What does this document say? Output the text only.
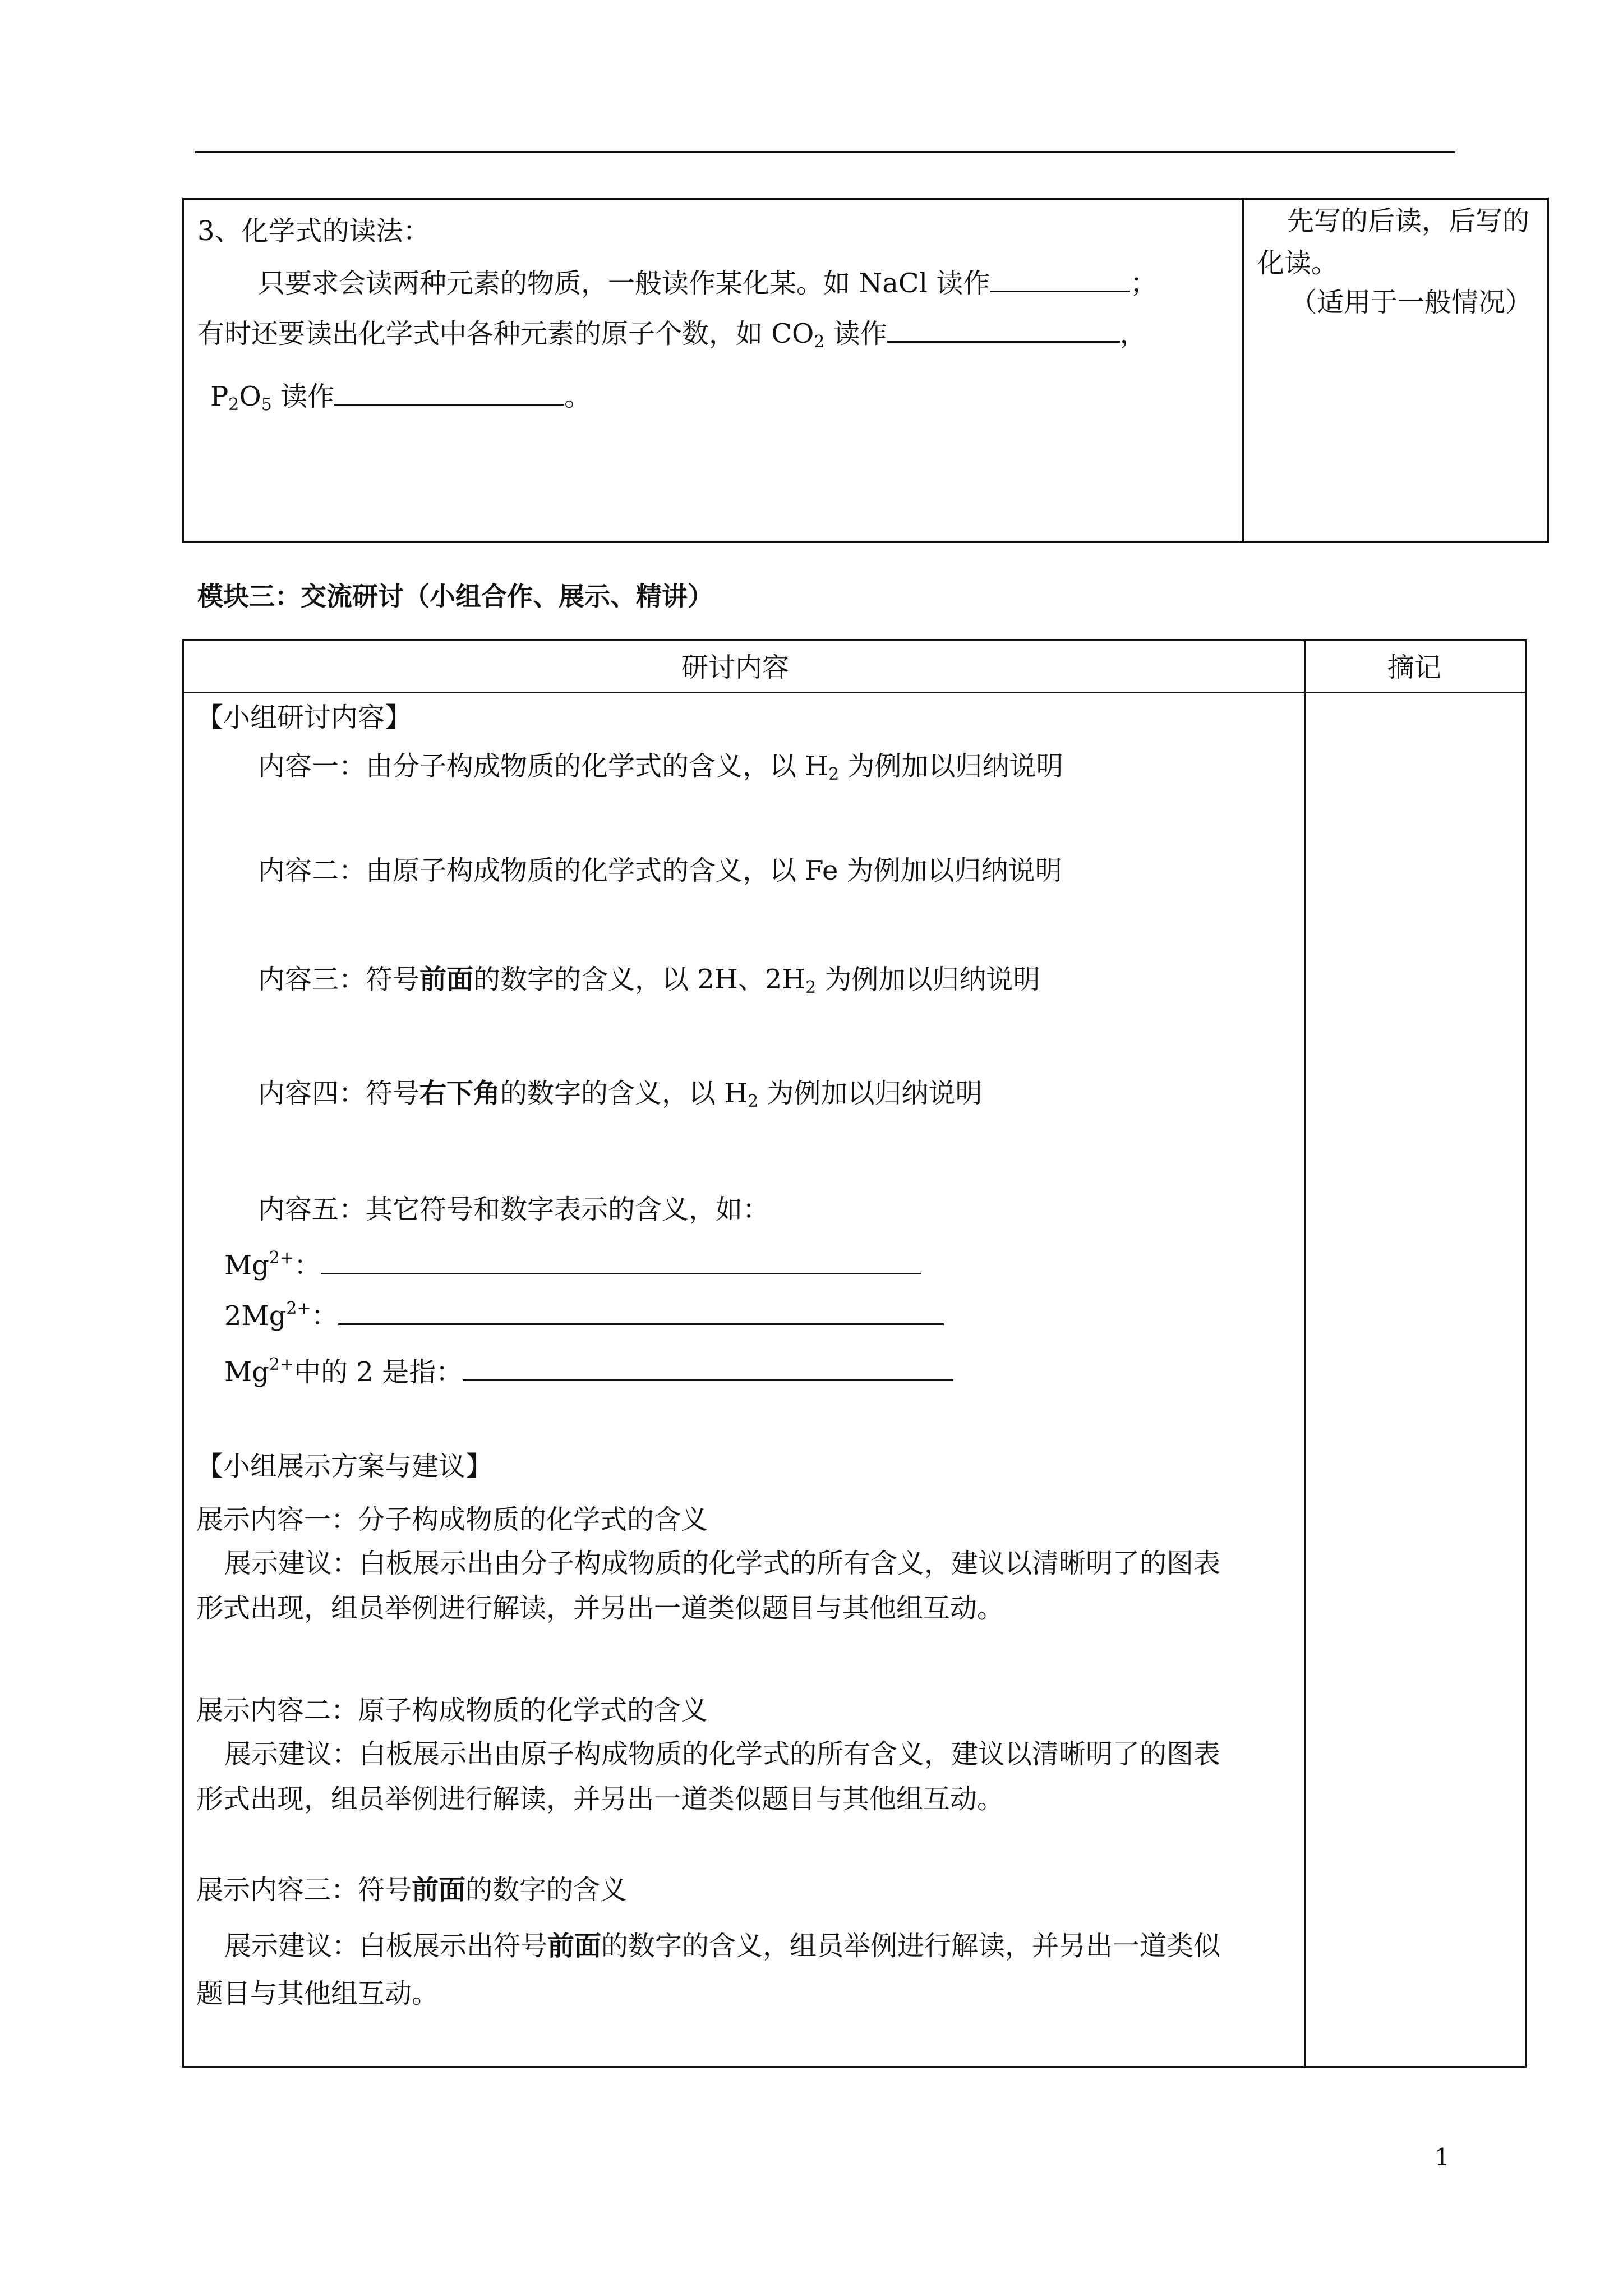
3、化学式的读法：
只要求会读两种元素的物质，一般读作某化某。如 NaCl 读作	；
有时还要读出化学式中各种元素的原子个数，如 $CO_2$ 读作	，
$P_2O_5$ 读作	。
先写的后读，后写的
化读。
（适用于一般情况）
模块三：交流研讨（小组合作、展示、精讲）
研讨内容	摘记
【小组研讨内容】
内容一：由分子构成物质的化学式的含义，以 $H_2$ 为例加以归纳说明
内容二：由原子构成物质的化学式的含义，以 Fe 为例加以归纳说明
内容三：符号前面的数字的含义，以 2H、$2H_2$ 为例加以归纳说明
内容四：符号右下角的数字的含义，以 $H_2$ 为例加以归纳说明
内容五：其它符号和数字表示的含义，如：
$Mg^{2+}$：
$2Mg^{2+}$：
$Mg^{2+}$中的 2 是指：
【小组展示方案与建议】
展示内容一：分子构成物质的化学式的含义
展示建议：白板展示出由分子构成物质的化学式的所有含义，建议以清晰明了的图表
形式出现，组员举例进行解读，并另出一道类似题目与其他组互动。
展示内容二：原子构成物质的化学式的含义
展示建议：白板展示出由原子构成物质的化学式的所有含义，建议以清晰明了的图表
形式出现，组员举例进行解读，并另出一道类似题目与其他组互动。
展示内容三：符号前面的数字的含义
展示建议：白板展示出符号前面的数字的含义，组员举例进行解读，并另出一道类似
题目与其他组互动。
1
